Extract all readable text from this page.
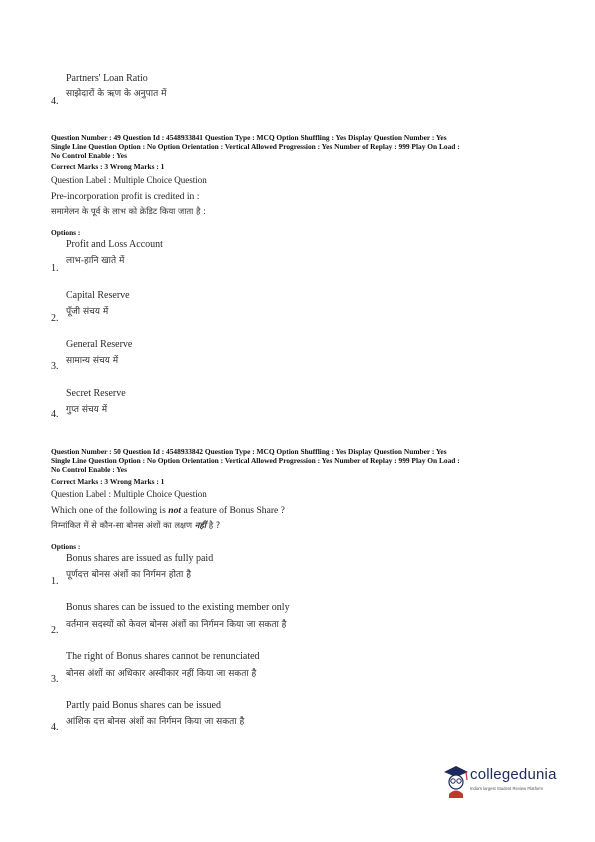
Partners' Loan Ratio
4.
साझेदारों के ऋण के अनुपात में
Question Number : 49 Question Id : 4548933841 Question Type : MCQ Option Shuffling : Yes Display Question Number : Yes
Single Line Question Option : No Option Orientation : Vertical Allowed Progression : Yes Number of Replay : 999 Play On Load :
No Control Enable : Yes
Correct Marks : 3 Wrong Marks : 1
Question Label : Multiple Choice Question
Pre-incorporation profit is credited in :
समामेलन के पूर्व के लाभ को क्रेडिट किया जाता है :
Options :
Profit and Loss Account
लाभ-हानि खाते में
1.
Capital Reserve
पूँजी संचय में
2.
General Reserve
सामान्य संचय में
3.
Secret Reserve
गुप्त संचय में
4.
Question Number : 50 Question Id : 4548933842 Question Type : MCQ Option Shuffling : Yes Display Question Number : Yes
Single Line Question Option : No Option Orientation : Vertical Allowed Progression : Yes Number of Replay : 999 Play On Load :
No Control Enable : Yes
Correct Marks : 3 Wrong Marks : 1
Question Label : Multiple Choice Question
Which one of the following is not a feature of Bonus Share ?
निम्नांकित में से कौन-सा बोनस अंशों का लक्षण नहीं है ?
Options :
Bonus shares are issued as fully paid
पूर्णदत्त बोनस अंशों का निर्गमन होता है
1.
Bonus shares can be issued to the existing member only
वर्तमान सदस्यों को केवल बोनस अंशों का निर्गमन किया जा सकता है
2.
The right of Bonus shares cannot be renunciated
बोनस अंशों का अधिकार अस्वीकार नहीं किया जा सकता है
3.
Partly paid Bonus shares can be issued
आंशिक दत्त बोनस अंशों का निर्गमन किया जा सकता है
4.
collegedunia
India's largest Student Review Platform
